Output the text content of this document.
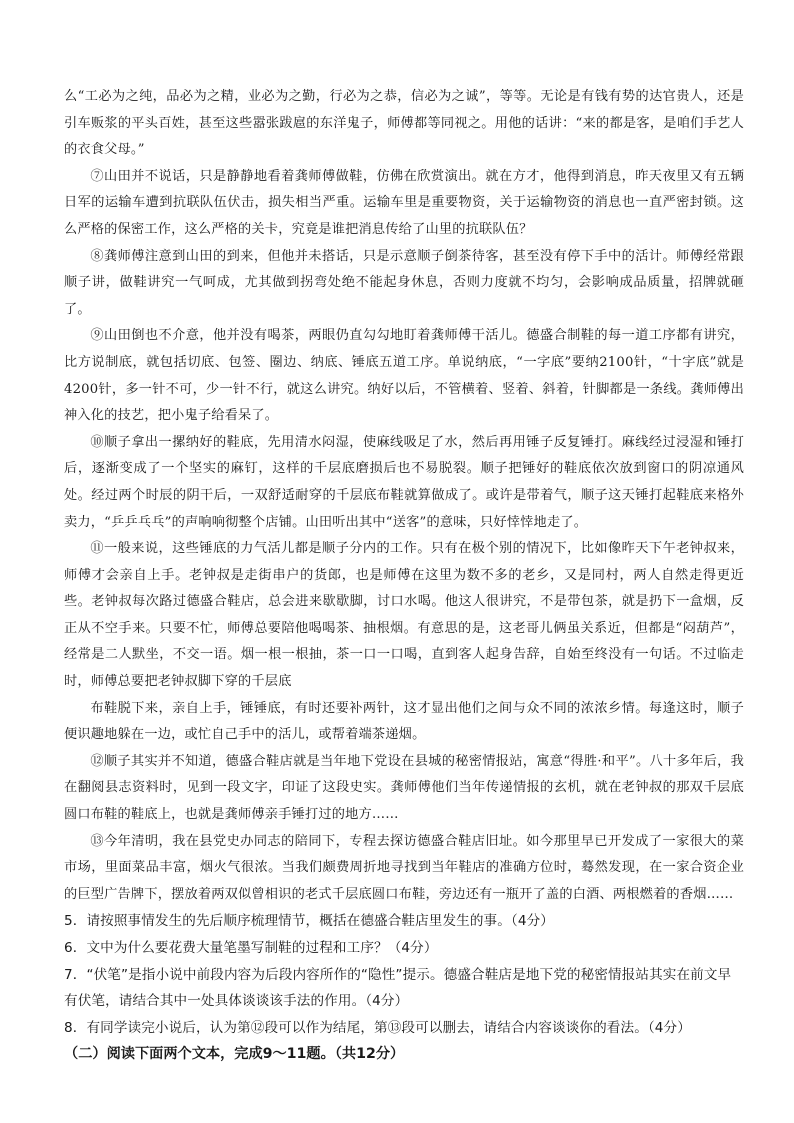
么“工必为之纯，品必为之精，业必为之勤，行必为之恭，信必为之诚”，等等。无论是有钱有势的达官贵人，还是引车贩浆的平头百姓，甚至这些嚣张跋扈的东洋鬼子，师傅都等同视之。用他的话讲：“来的都是客，是咱们手艺人的衣食父母。”

⑦山田并不说话，只是静静地看着龚师傅做鞋，仿佛在欣赏演出。就在方才，他得到消息，昨天夜里又有五辆日军的运输车遭到抗联队伍伏击，损失相当严重。运输车里是重要物资，关于运输物资的消息也一直严密封锁。这么严格的保密工作，这么严格的关卡，究竟是谁把消息传给了山里的抗联队伍？

⑧龚师傅注意到山田的到来，但他并未搭话，只是示意顺子倒茶待客，甚至没有停下手中的活计。师傅经常跟顺子讲，做鞋讲究一气呵成，尤其做到拐弯处绝不能起身休息，否则力度就不均匀，会影响成品质量，招牌就砸了。

⑨山田倒也不介意，他并没有喝茶，两眼仍直勾勾地盯着龚师傅干活儿。德盛合制鞋的每一道工序都有讲究，比方说制底，就包括切底、包签、圈边、纳底、锤底五道工序。单说纳底，“一字底”要纳2100针，“十字底”就是4200针，多一针不可，少一针不行，就这么讲究。纳好以后，不管横着、竖着、斜着，针脚都是一条线。龚师傅出神入化的技艺，把小鬼子给看呆了。

⑩顺子拿出一摞纳好的鞋底，先用清水闷湿，使麻线吸足了水，然后再用锤子反复锤打。麻线经过浸湿和锤打后，逐渐变成了一个坚实的麻钉，这样的千层底磨损后也不易脱裂。顺子把锤好的鞋底依次放到窗口的阴凉通风处。经过两个时辰的阴干后，一双舒适耐穿的千层底布鞋就算做成了。或许是带着气，顺子这天锤打起鞋底来格外卖力，“乒乒乓乓”的声响响彻整个店铺。山田听出其中“送客”的意味，只好悻悻地走了。

⑪一般来说，这些锤底的力气活儿都是顺子分内的工作。只有在极个别的情况下，比如像昨天下午老钟叔来，师傅才会亲自上手。老钟叔是走街串户的货郎，也是师傅在这里为数不多的老乡，又是同村，两人自然走得更近些。老钟叔每次路过德盛合鞋店，总会进来歇歇脚，讨口水喝。他这人很讲究，不是带包茶，就是扔下一盒烟，反正从不空手来。只要不忙，师傅总要陪他喝喝茶、抽根烟。有意思的是，这老哥儿俩虽关系近，但都是“闷葫芦”，经常是二人默坐，不交一语。烟一根一根抽，茶一口一口喝，直到客人起身告辞，自始至终没有一句话。不过临走时，师傅总要把老钟叔脚下穿的千层底

布鞋脱下来，亲自上手，锤锤底，有时还要补两针，这才显出他们之间与众不同的浓浓乡情。每逢这时，顺子便识趣地躲在一边，或忙自己手中的活儿，或帮着端茶递烟。

⑫顺子其实并不知道，德盛合鞋店就是当年地下党设在县城的秘密情报站，寓意“得胜·和平”。八十多年后，我在翻阅县志资料时，见到一段文字，印证了这段史实。龚师傅他们当年传递情报的玄机，就在老钟叔的那双千层底圆口布鞋的鞋底上，也就是龚师傅亲手锤打过的地方……

⑬今年清明，我在县党史办同志的陪同下，专程去探访德盛合鞋店旧址。如今那里早已开发成了一家很大的菜市场，里面菜品丰富，烟火气很浓。当我们颇费周折地寻找到当年鞋店的准确方位时，蓦然发现，在一家合资企业的巨型广告牌下，摆放着两双似曾相识的老式千层底圆口布鞋，旁边还有一瓶开了盖的白酒、两根燃着的香烟……

5．请按照事情发生的先后顺序梳理情节，概括在德盛合鞋店里发生的事。（4分）

6．文中为什么要花费大量笔墨写制鞋的过程和工序？（4分）

7．“伏笔”是指小说中前段内容为后段内容所作的“隐性”提示。德盛合鞋店是地下党的秘密情报站其实在前文早有伏笔，请结合其中一处具体谈谈该手法的作用。（4分）

8．有同学读完小说后，认为第⑫段可以作为结尾，第⑬段可以删去，请结合内容谈谈你的看法。（4分）

（二）阅读下面两个文本，完成9～11题。（共12分）
